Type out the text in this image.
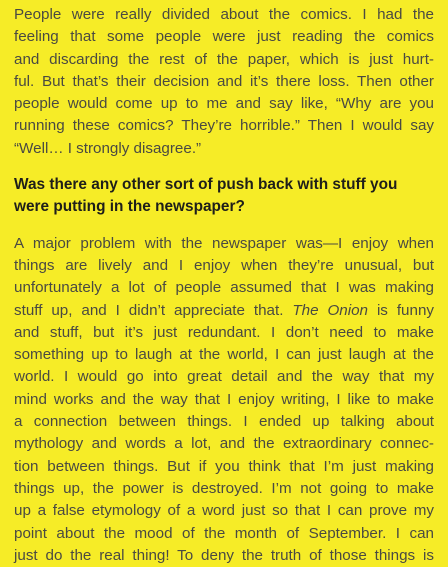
People were really divided about the comics. I had the
feeling that some people were just reading the comics
and discarding the rest of the paper, which is just hurt-
ful. But that’s their decision and it’s there loss. Then other
people would come up to me and say like, “Why are you
running these comics? They’re horrible.” Then I would say
“Well… I strongly disagree.”
Was there any other sort of push back with stuff you
were putting in the newspaper?
A major problem with the newspaper was—I enjoy when
things are lively and I enjoy when they’re unusual, but
unfortunately a lot of people assumed that I was making
stuff up, and I didn’t appreciate that. The Onion is funny
and stuff, but it’s just redundant. I don’t need to make
something up to laugh at the world, I can just laugh at the
world. I would go into great detail and the way that my
mind works and the way that I enjoy writing, I like to make
a connection between things. I ended up talking about
mythology and words a lot, and the extraordinary connec-
tion between things. But if you think that I’m just making
things up, the power is destroyed. I’m not going to make
up a false etymology of a word just so that I can prove my
point about the mood of the month of September. I can
just do the real thing! To deny the truth of those things is
